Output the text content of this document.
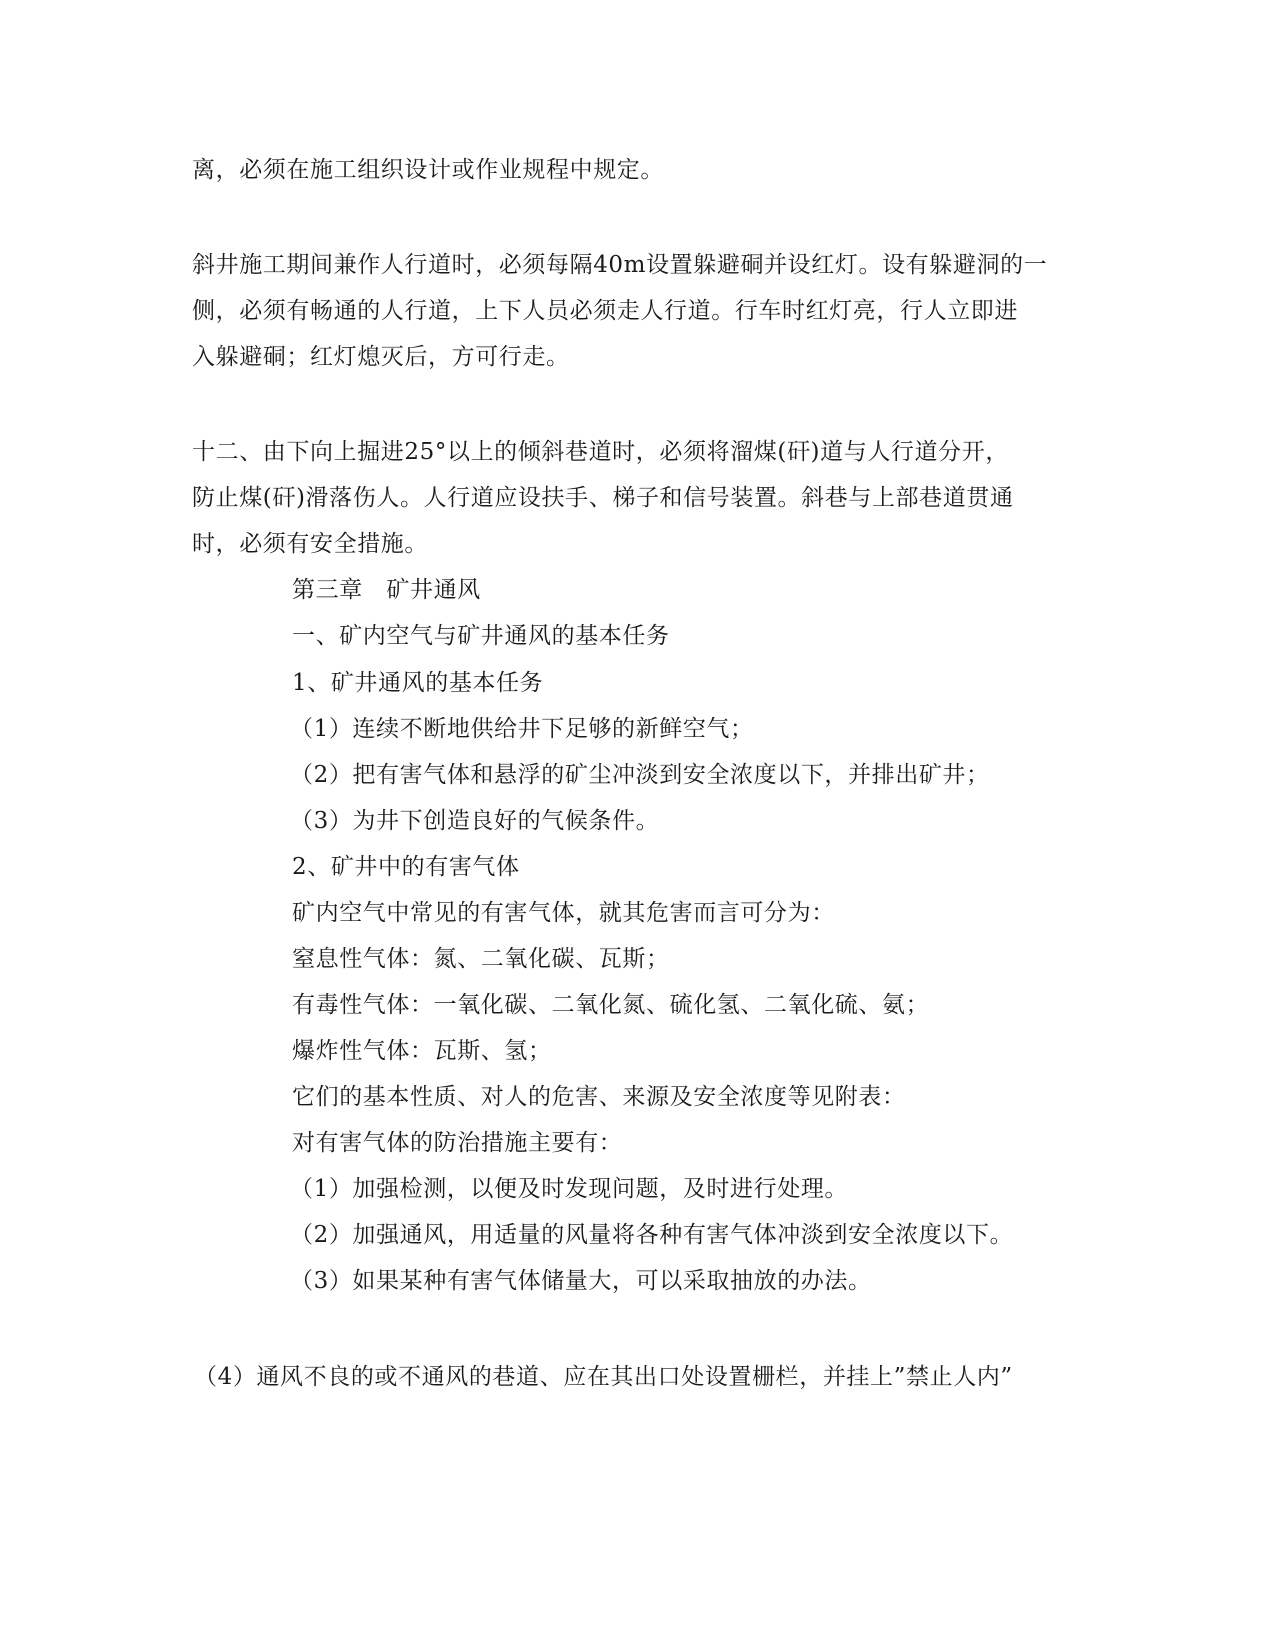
离，必须在施工组织设计或作业规程中规定。
斜井施工期间兼作人行道时，必须每隔40m设置躲避硐并设红灯。设有躲避洞的一
侧，必须有畅通的人行道，上下人员必须走人行道。行车时红灯亮，行人立即进
入躲避硐；红灯熄灭后，方可行走。
十二、由下向上掘进25°以上的倾斜巷道时，必须将溜煤(矸)道与人行道分开，
防止煤(矸)滑落伤人。人行道应设扶手、梯子和信号装置。斜巷与上部巷道贯通
时，必须有安全措施。
第三章　矿井通风
一、矿内空气与矿井通风的基本任务
1、矿井通风的基本任务
（1）连续不断地供给井下足够的新鲜空气；
（2）把有害气体和悬浮的矿尘冲淡到安全浓度以下，并排出矿井；
（3）为井下创造良好的气候条件。
2、矿井中的有害气体
矿内空气中常见的有害气体，就其危害而言可分为：
窒息性气体：氮、二氧化碳、瓦斯；
有毒性气体：一氧化碳、二氧化氮、硫化氢、二氧化硫、氨；
爆炸性气体：瓦斯、氢；
它们的基本性质、对人的危害、来源及安全浓度等见附表：
对有害气体的防治措施主要有：
（1）加强检测，以便及时发现问题，及时进行处理。
（2）加强通风，用适量的风量将各种有害气体冲淡到安全浓度以下。
（3）如果某种有害气体储量大，可以采取抽放的办法。
（4）通风不良的或不通风的巷道、应在其出口处设置栅栏，并挂上”禁止人内”
